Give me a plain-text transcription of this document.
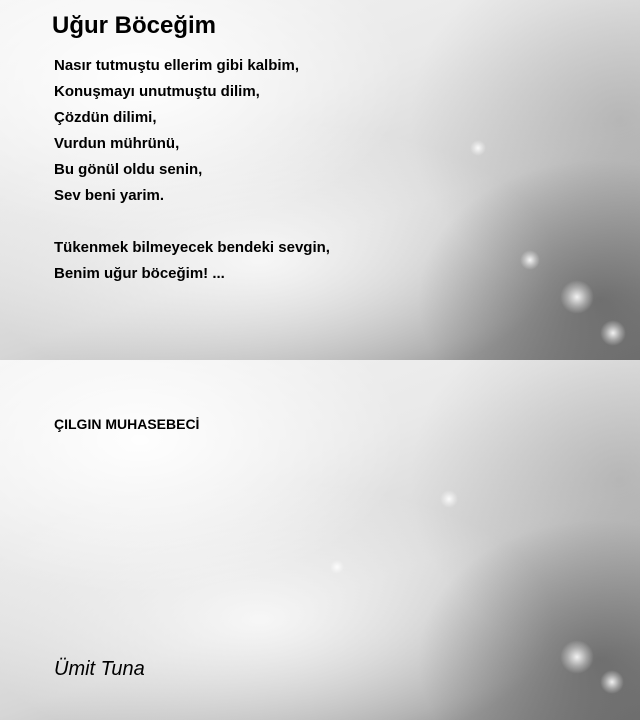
Uğur Böceğim
Nasır tutmuştu ellerim gibi kalbim,
Konuşmayı unutmuştu dilim,
Çözdün dilimi,
Vurdun mührünü,
Bu gönül oldu senin,
Sev beni yarim.
Tükenmek bilmeyecek bendeki sevgin,
Benim uğur böceğim! ...
ÇILGIN MUHASEBECİ
Ümit Tuna
